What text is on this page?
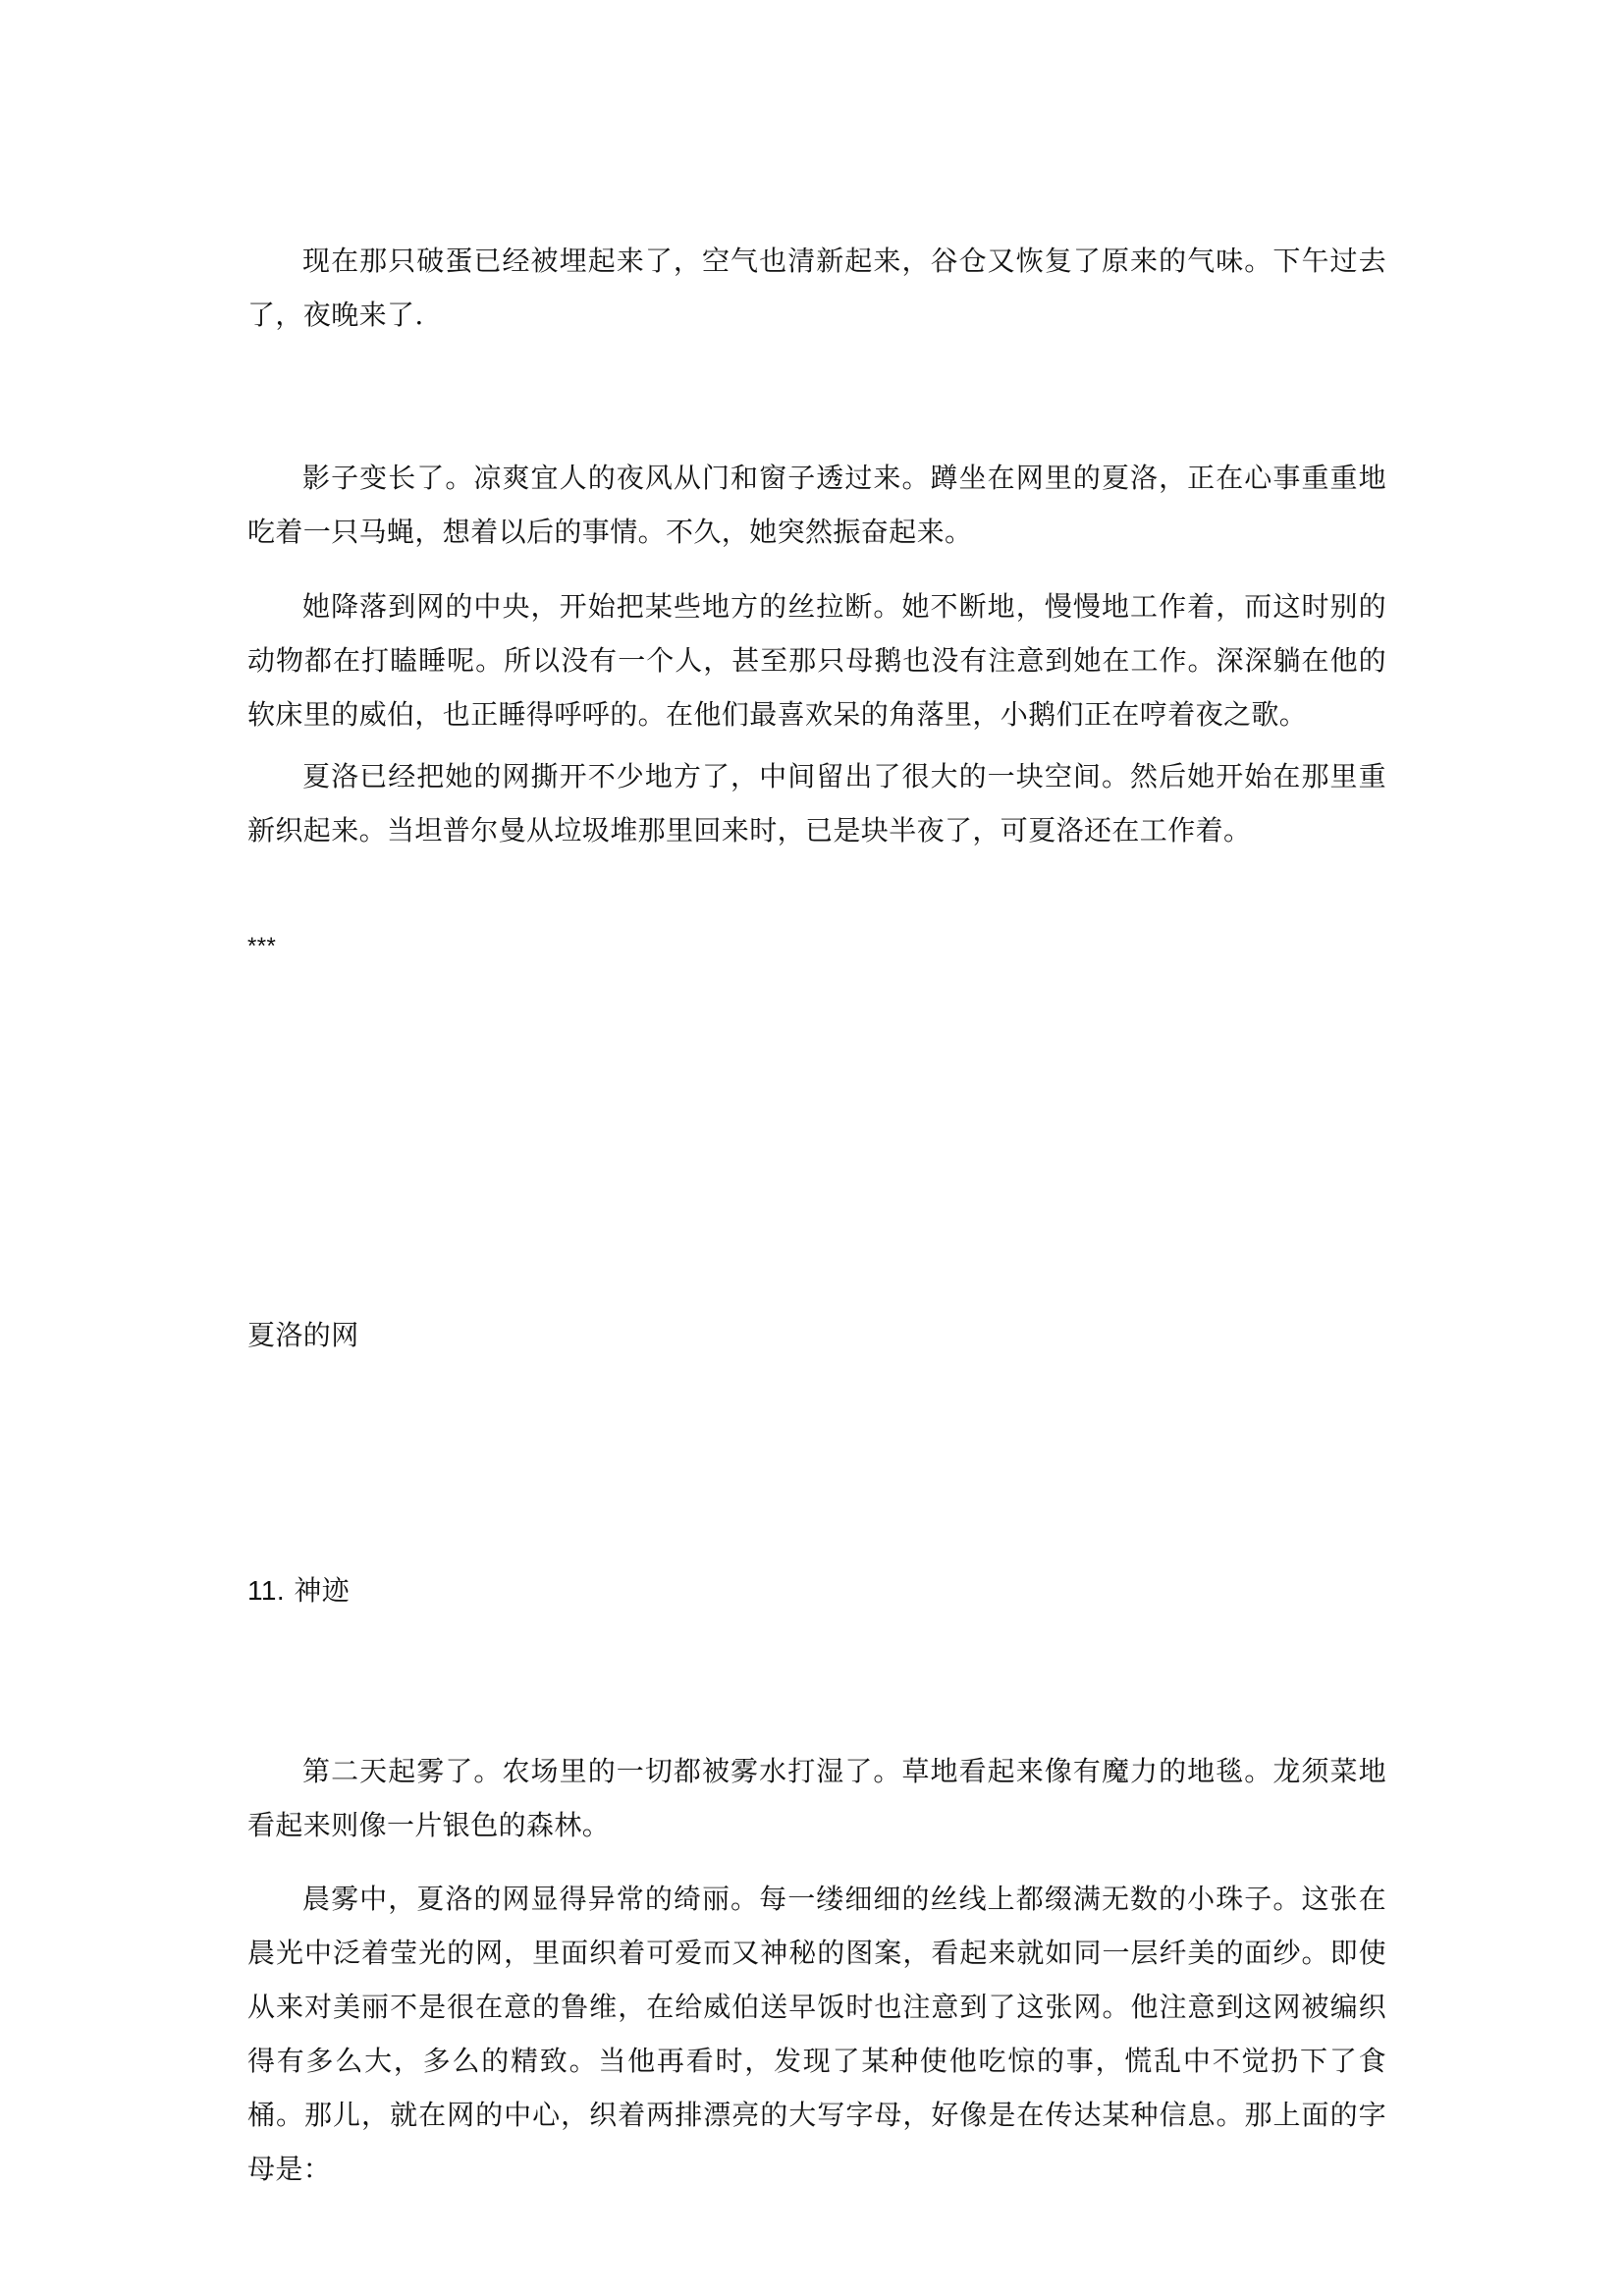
现在那只破蛋已经被埋起来了，空气也清新起来，谷仓又恢复了原来的气味。下午过去了，夜晚来了.

影子变长了。凉爽宜人的夜风从门和窗子透过来。蹲坐在网里的夏洛，正在心事重重地吃着一只马蝇，想着以后的事情。不久，她突然振奋起来。

她降落到网的中央，开始把某些地方的丝拉断。她不断地，慢慢地工作着，而这时别的动物都在打瞌睡呢。所以没有一个人，甚至那只母鹅也没有注意到她在工作。深深躺在他的软床里的威伯，也正睡得呼呼的。在他们最喜欢呆的角落里，小鹅们正在哼着夜之歌。

夏洛已经把她的网撕开不少地方了，中间留出了很大的一块空间。然后她开始在那里重新织起来。当坦普尔曼从垃圾堆那里回来时，已是块半夜了，可夏洛还在工作着。

***

夏洛的网

11. 神迹

第二天起雾了。农场里的一切都被雾水打湿了。草地看起来像有魔力的地毯。龙须菜地看起来则像一片银色的森林。

晨雾中，夏洛的网显得异常的绮丽。每一缕细细的丝线上都缀满无数的小珠子。这张在晨光中泛着莹光的网，里面织着可爱而又神秘的图案，看起来就如同一层纤美的面纱。即使从来对美丽不是很在意的鲁维，在给威伯送早饭时也注意到了这张网。他注意到这网被编织得有多么大，多么的精致。当他再看时，发现了某种使他吃惊的事，慌乱中不觉扔下了食桶。那儿，就在网的中心，织着两排漂亮的大写字母，好像是在传达某种信息。那上面的字母是：
